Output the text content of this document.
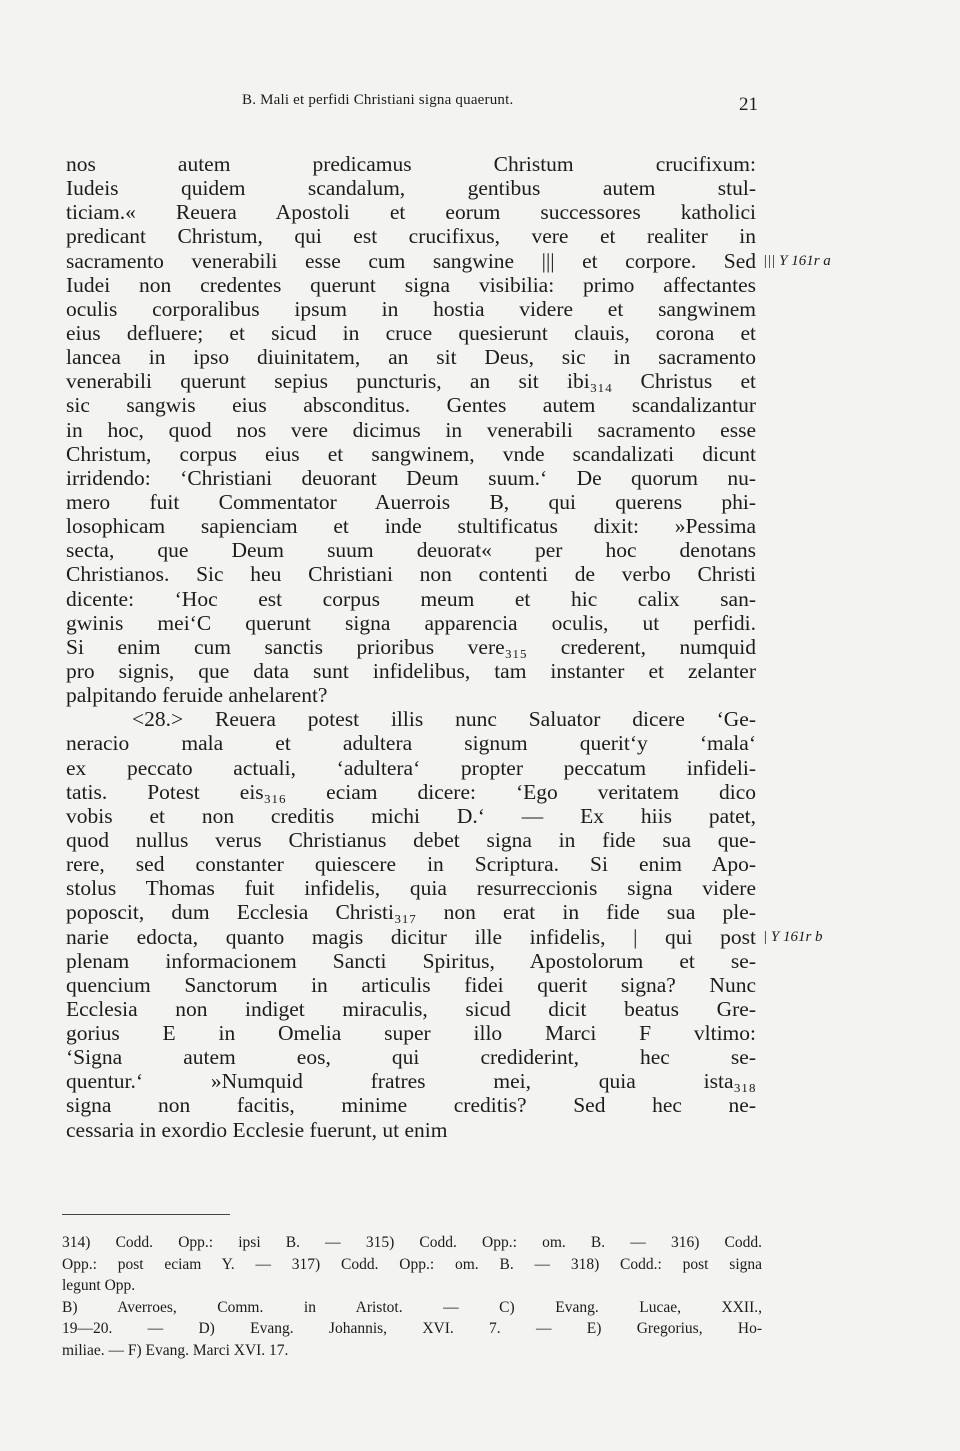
B. Mali et perfidi Christiani signa quaerunt.	21
nos autem predicamus Christum crucifixum:
Iudeis quidem scandalum, gentibus autem stul-
ticiam.« Reuera Apostoli et eorum successores katholici
predicant Christum, qui est crucifixus, vere et realiter in
sacramento venerabili esse cum sangwine ||| et corpore. Sed
Iudei non credentes querunt signa visibilia: primo affectantes
oculis corporalibus ipsum in hostia videre et sangwinem
eius defluere; et sicud in cruce quesierunt clauis, corona et
lancea in ipso diuinitatem, an sit Deus, sic in sacramento
venerabili querunt sepius puncturis, an sit ibi₃₁₄ Christus et
sic sangwis eius absconditus. Gentes autem scandalizantur
in hoc, quod nos vere dicimus in venerabili sacramento esse
Christum, corpus eius et sangwinem, vnde scandalizati dicunt
irridendo: ‘Christiani deuorant Deum suum.‘ De quorum nu-
mero fuit Commentator Auerrois B, qui querens phi-
losophicam sapienciam et inde stultificatus dixit: »Pessima
secta, que Deum suum deuorat« per hoc denotans
Christianos. Sic heu Christiani non contenti de verbo Christi
dicente: ‘Hoc est corpus meum et hic calix san-
gwinis mei‘C querunt signa apparencia oculis, ut perfidi.
Si enim cum sanctis prioribus vere₃₁₅ crederent, numquid
pro signis, que data sunt infidelibus, tam instanter et zelanter
palpitando feruide anhelarent?
<28.> Reuera potest illis nunc Saluator dicere ‘Ge-
neracio mala et adultera signum querit‘y ‘mala‘
ex peccato actuali, ‘adultera‘ propter peccatum infideli-
tatis. Potest eis₃₁₆ eciam dicere: ‘Ego veritatem dico
vobis et non creditis michi D.‘ — Ex hiis patet,
quod nullus verus Christianus debet signa in fide sua que-
rere, sed constanter quiescere in Scriptura. Si enim Apo-
stolus Thomas fuit infidelis, quia resurreccionis signa videre
poposcit, dum Ecclesia Christi₃₁₇ non erat in fide sua ple-
narie edocta, quanto magis dicitur ille infidelis, | qui post
plenam informacionem Sancti Spiritus, Apostolorum et se-
quencium Sanctorum in articulis fidei querit signa? Nunc
Ecclesia non indiget miraculis, sicud dicit beatus Gre-
gorius E in Omelia super illo Marci F vltimo:
‘Signa autem eos, qui crediderint, hec se-
quentur.‘ »Numquid fratres mei, quia ista₃₁₈
signa non facitis, minime creditis? Sed hec ne-
cessaria in exordio Ecclesie fuerunt, ut enim
||| Y 161r a
| Y 161r b
314) Codd. Opp.: ipsi B. — 315) Codd. Opp.: om. B. — 316) Codd.
Opp.: post eciam Y. — 317) Codd. Opp.: om. B. — 318) Codd.: post signa
legunt Opp.
B) Averroes, Comm. in Aristot. — C) Evang. Lucae, XXII.,
19—20. — D) Evang. Johannis, XVI. 7. — E) Gregorius, Ho-
miliae. — F) Evang. Marci XVI. 17.
